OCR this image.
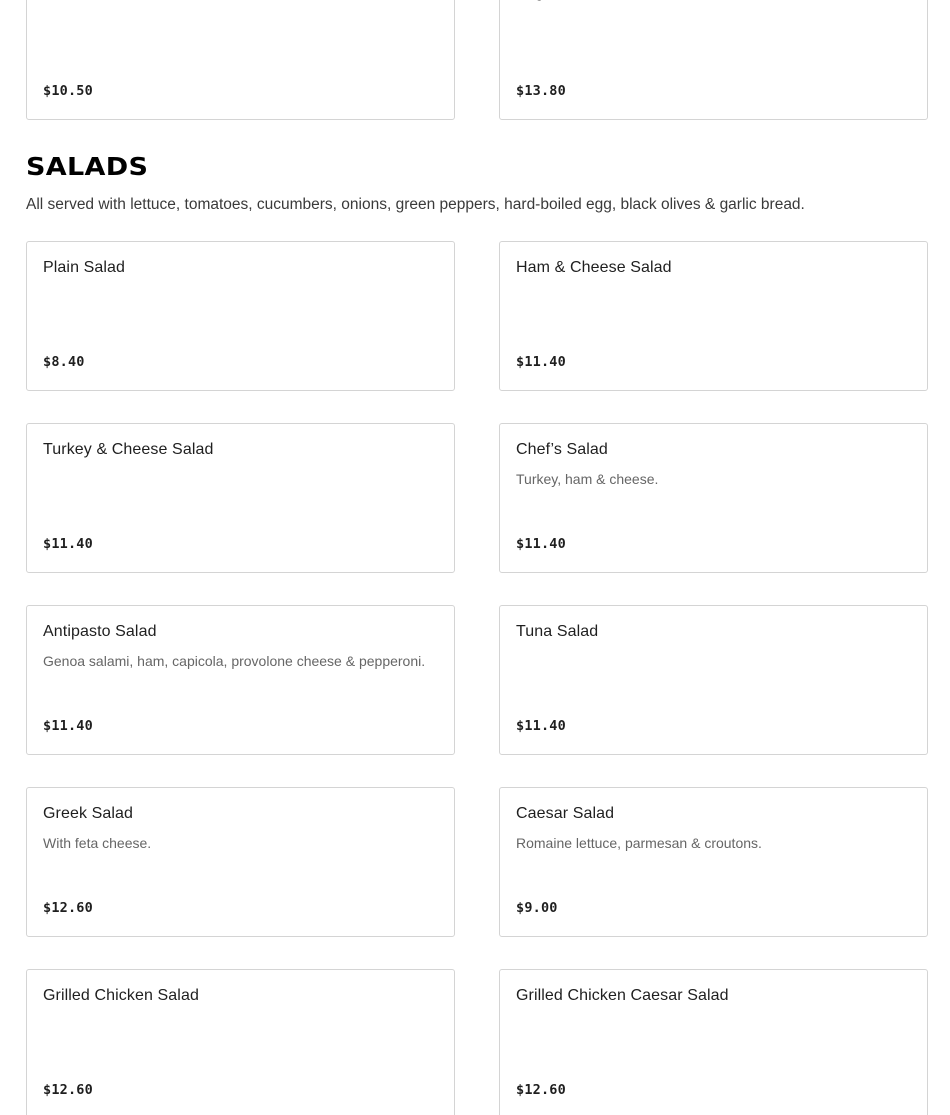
$10.50	$13.80
SALADS

All served with lettuce, tomatoes, cucumbers, onions, green peppers, hard-boiled egg, black olives & garlic bread.

Plain Salad
$8.40
Ham & Cheese Salad
$11.40
Turkey & Cheese Salad
$11.40
Chef’s Salad
Turkey, ham & cheese.
$11.40
Antipasto Salad
Genoa salami, ham, capicola, provolone cheese & pepperoni.
$11.40
Tuna Salad
$11.40
Greek Salad
With feta cheese.
$12.60
Caesar Salad
Romaine lettuce, parmesan & croutons.
$9.00
Grilled Chicken Salad
$12.60
Grilled Chicken Caesar Salad
$12.60
